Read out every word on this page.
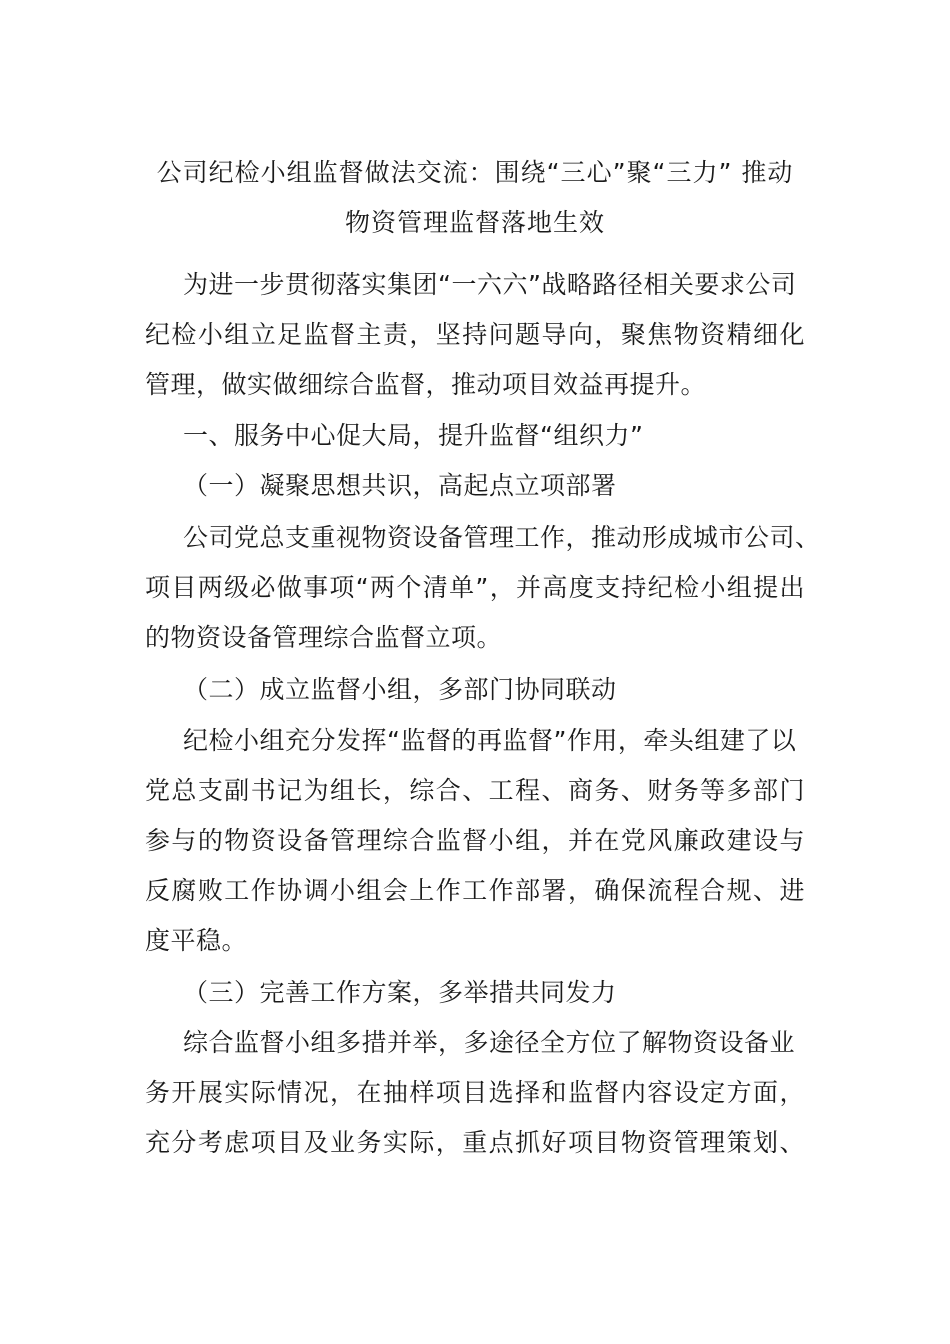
公司纪检小组监督做法交流：围绕“三心”聚“三力” 推动
物资管理监督落地生效
为进一步贯彻落实集团“一六六”战略路径相关要求公司
纪检小组立足监督主责，坚持问题导向，聚焦物资精细化
管理，做实做细综合监督，推动项目效益再提升。
一、服务中心促大局，提升监督“组织力”
（一）凝聚思想共识，高起点立项部署
公司党总支重视物资设备管理工作，推动形成城市公司、
项目两级必做事项“两个清单”，并高度支持纪检小组提出
的物资设备管理综合监督立项。
（二）成立监督小组，多部门协同联动
纪检小组充分发挥“监督的再监督”作用，牵头组建了以
党总支副书记为组长，综合、工程、商务、财务等多部门
参与的物资设备管理综合监督小组，并在党风廉政建设与
反腐败工作协调小组会上作工作部署，确保流程合规、进
度平稳。
（三）完善工作方案，多举措共同发力
综合监督小组多措并举，多途径全方位了解物资设备业
务开展实际情况，在抽样项目选择和监督内容设定方面，
充分考虑项目及业务实际，重点抓好项目物资管理策划、
